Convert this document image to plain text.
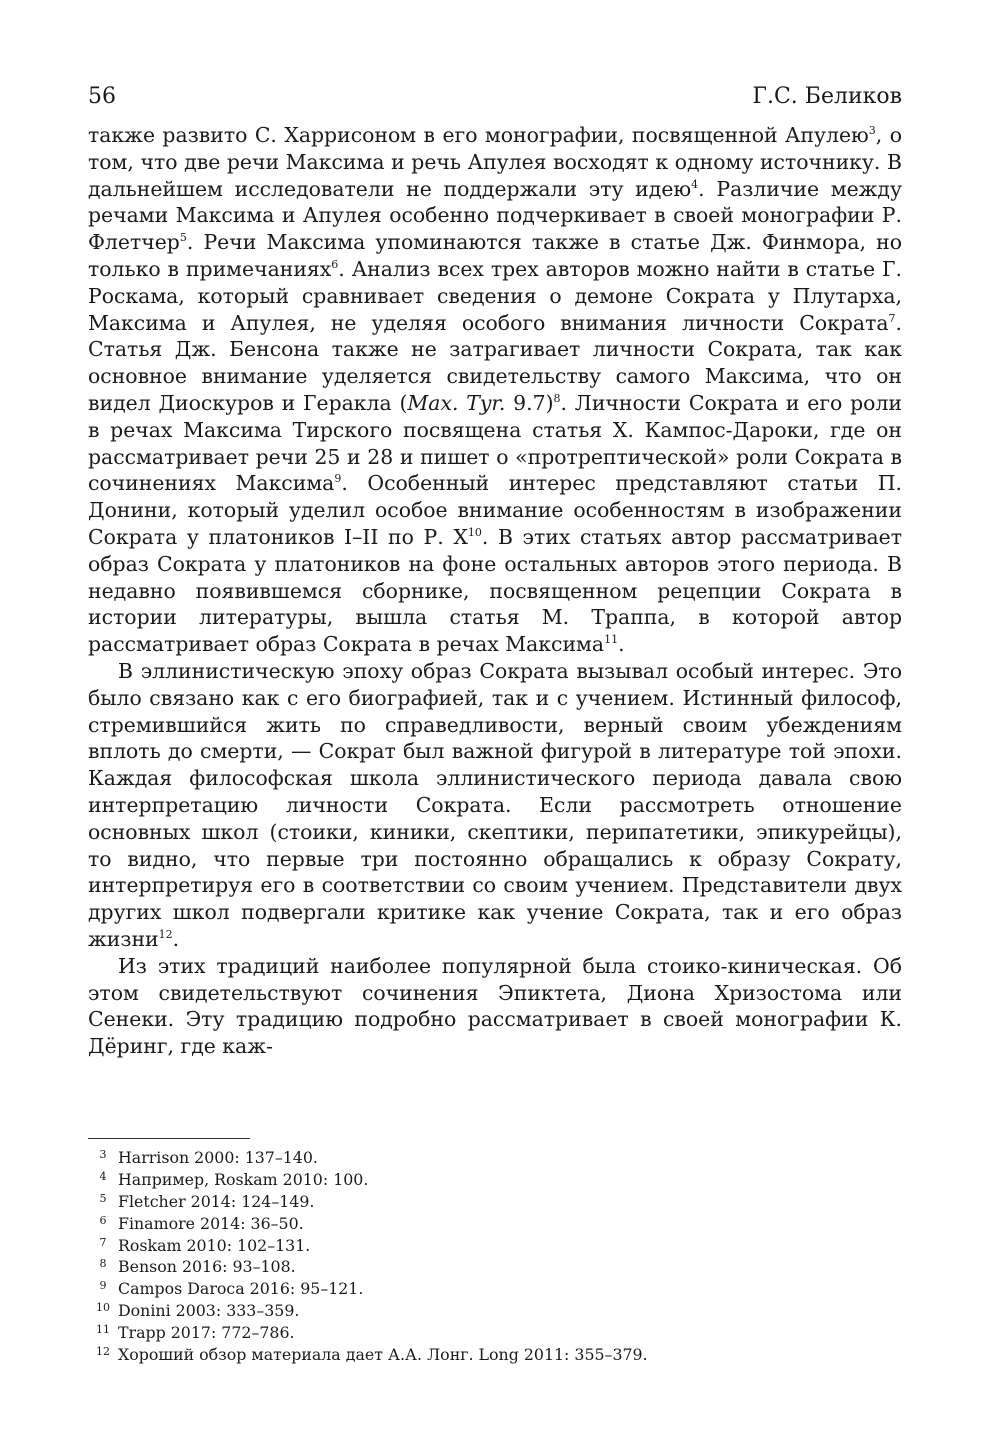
56	Г.С. Беликов

также развито С. Харрисоном в его монографии, посвященной Апулею$^3$, о том, что две речи Максима и речь Апулея восходят к одному источнику. В дальнейшем исследователи не поддержали эту идею$^4$. Различие между речами Максима и Апулея особенно подчеркивает в своей монографии Р. Флетчер$^5$. Речи Максима упоминаются также в статье Дж. Финмора, но только в примечаниях$^6$. Анализ всех трех авторов можно найти в статье Г. Роскама, который сравнивает сведения о демоне Сократа у Плутарха, Максима и Апулея, не уделяя особого внимания личности Сократа$^7$. Статья Дж. Бенсона также не затрагивает личности Сократа, так как основное внимание уделяется свидетельству самого Максима, что он видел Диоскуров и Геракла (Max. Tyr. 9.7)$^8$. Личности Сократа и его роли в речах Максима Тирского посвящена статья Х. Кампос-Дароки, где он рассматривает речи 25 и 28 и пишет о «протрептической» роли Сократа в сочинениях Максима$^9$. Особенный интерес представляют статьи П. Донини, который уделил особое внимание особенностям в изображении Сократа у платоников I–II по Р. $Х^{10}$. В этих статьях автор рассматривает образ Сократа у платоников на фоне остальных авторов этого периода. В недавно появившемся сборнике, посвященном рецепции Сократа в истории литературы, вышла статья М. Траппа, в которой автор рассматривает образ Сократа в речах Максима$^{11}$.

В эллинистическую эпоху образ Сократа вызывал особый интерес. Это было связано как с его биографией, так и с учением. Истинный философ, стремившийся жить по справедливости, верный своим убеждениям вплоть до смерти, — Сократ был важной фигурой в литературе той эпохи. Каждая философская школа эллинистического периода давала свою интерпретацию личности Сократа. Если рассмотреть отношение основных школ (стоики, киники, скептики, перипатетики, эпикурейцы), то видно, что первые три постоянно обращались к образу Сократу, интерпретируя его в соответствии со своим учением. Представители двух других школ подвергали критике как учение Сократа, так и его образ жизни$^{12}$.

Из этих традиций наиболее популярной была стоико-киническая. Об этом свидетельствуют сочинения Эпиктета, Диона Хризостома или Сенеки. Эту традицию подробно рассматривает в своей монографии К. Дёринг, где каж-

3 Harrison 2000: 137–140.
4 Например, Roskam 2010: 100.
5 Fletcher 2014: 124–149.
6 Finamore 2014: 36–50.
7 Roskam 2010: 102–131.
8 Benson 2016: 93–108.
9 Campos Daroca 2016: 95–121.
10 Donini 2003: 333–359.
11 Trapp 2017: 772–786.
12 Хороший обзор материала дает А.А. Лонг. Long 2011: 355–379.
